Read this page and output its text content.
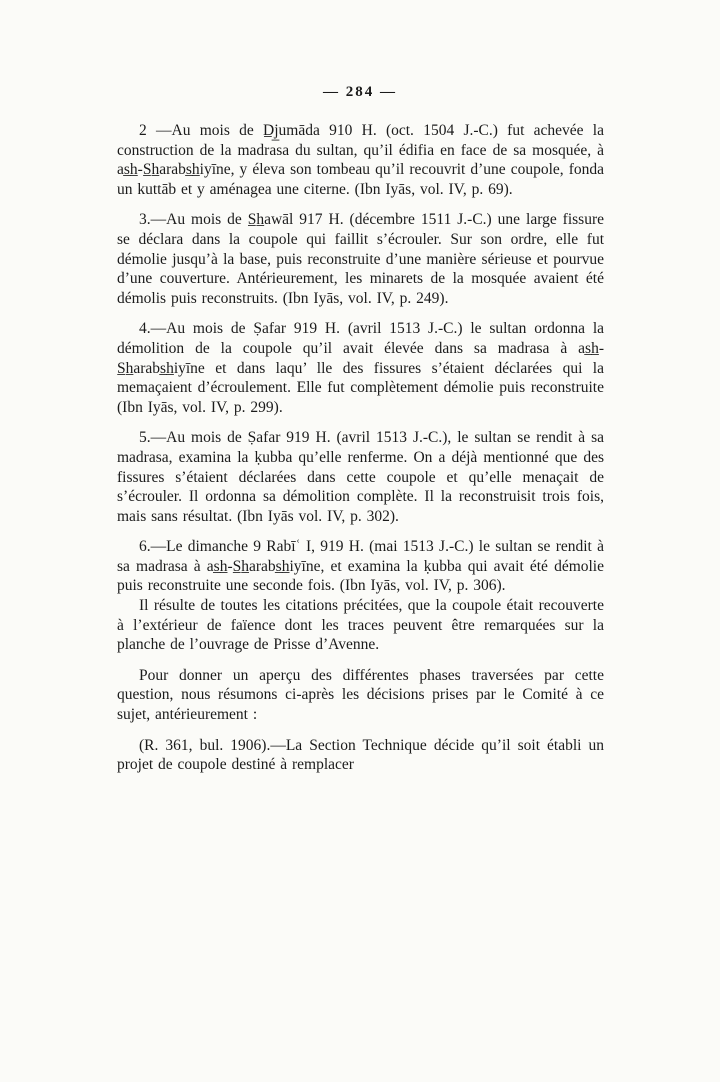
— 284 —

2 —Au mois de D̲j̲umāda 910 H. (oct. 1504 J.-C.) fut achevée la construction de la madrasa du sultan, qu’il édifia en face de sa mosquée, à as̲h̲-S̲h̲arabs̲h̲iyīne, y éleva son tombeau qu’il recouvrit d’une coupole, fonda un kuttāb et y aménagea une citerne. (Ibn Iyās, vol. IV, p. 69).

3.—Au mois de S̲h̲awāl 917 H. (décembre 1511 J.-C.) une large fissure se déclara dans la coupole qui faillit s’écrouler. Sur son ordre, elle fut démolie jusqu’à la base, puis reconstruite d’une manière sérieuse et pourvue d’une couverture. Antérieurement, les minarets de la mosquée avaient été démolis puis reconstruits. (Ibn Iyās, vol. IV, p. 249).

4.—Au mois de Ṣafar 919 H. (avril 1513 J.-C.) le sultan ordonna la démolition de la coupole qu’il avait élevée dans sa madrasa à as̲h̲-S̲h̲arabs̲h̲iyīne et dans laqu’ lle des fissures s’étaient déclarées qui la memaçaient d’écroulement. Elle fut complètement démolie puis reconstruite (Ibn Iyās, vol. IV, p. 299).

5.—Au mois de Ṣafar 919 H. (avril 1513 J.-C.), le sultan se rendit à sa madrasa, examina la ḳubba qu’elle renferme. On a déjà mentionné que des fissures s’étaient déclarées dans cette coupole et qu’elle menaçait de s’écrouler. Il ordonna sa démolition complète. Il la reconstruisit trois fois, mais sans résultat. (Ibn Iyās vol. IV, p. 302).

6.—Le dimanche 9 Rabīʿ I, 919 H. (mai 1513 J.-C.) le sultan se rendit à sa madrasa à as̲h̲-S̲h̲arabs̲h̲iyīne, et examina la ḳubba qui avait été démolie puis reconstruite une seconde fois. (Ibn Iyās, vol. IV, p. 306).

Il résulte de toutes les citations précitées, que la coupole était recouverte à l’extérieur de faïence dont les traces peuvent être remarquées sur la planche de l’ouvrage de Prisse d’Avenne.

Pour donner un aperçu des différentes phases traversées par cette question, nous résumons ci-après les décisions prises par le Comité à ce sujet, antérieurement :

(R. 361, bul. 1906).—La Section Technique décide qu’il soit établi un projet de coupole destiné à remplacer
